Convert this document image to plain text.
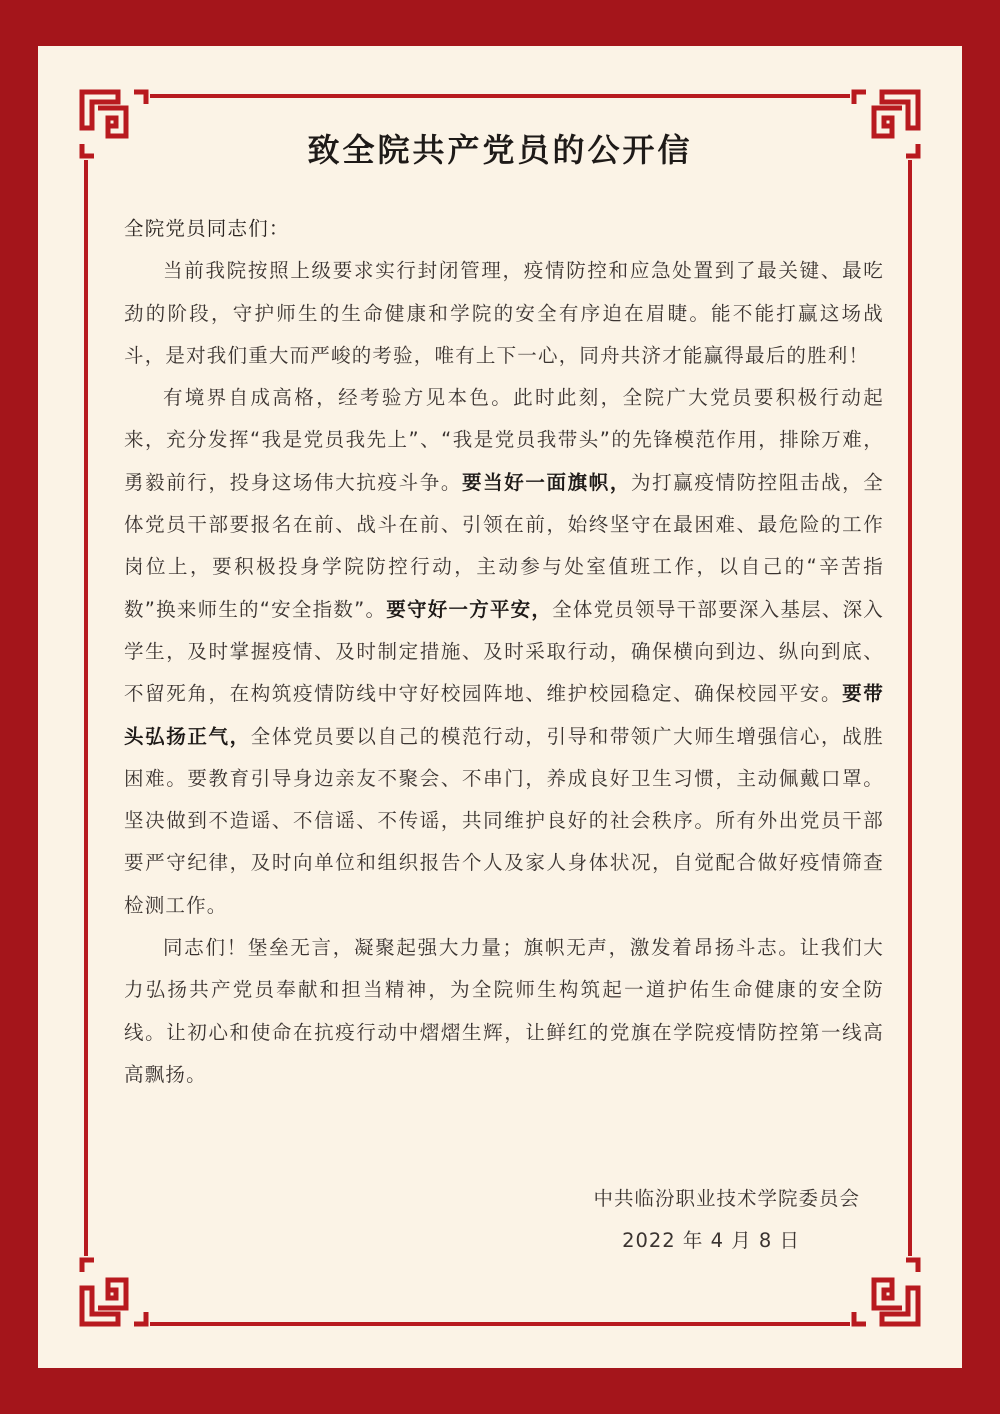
致全院共产党员的公开信

全院党员同志们：

当前我院按照上级要求实行封闭管理，疫情防控和应急处置到了最关键、最吃劲的阶段，守护师生的生命健康和学院的安全有序迫在眉睫。能不能打赢这场战斗，是对我们重大而严峻的考验，唯有上下一心，同舟共济才能赢得最后的胜利！

有境界自成高格，经考验方见本色。此时此刻，全院广大党员要积极行动起来，充分发挥“我是党员我先上”、“我是党员我带头”的先锋模范作用，排除万难，勇毅前行，投身这场伟大抗疫斗争。要当好一面旗帜，为打赢疫情防控阻击战，全体党员干部要报名在前、战斗在前、引领在前，始终坚守在最困难、最危险的工作岗位上，要积极投身学院防控行动，主动参与处室值班工作，以自己的“辛苦指数”换来师生的“安全指数”。要守好一方平安，全体党员领导干部要深入基层、深入学生，及时掌握疫情、及时制定措施、及时采取行动，确保横向到边、纵向到底、不留死角，在构筑疫情防线中守好校园阵地、维护校园稳定、确保校园平安。要带头弘扬正气，全体党员要以自己的模范行动，引导和带领广大师生增强信心，战胜困难。要教育引导身边亲友不聚会、不串门，养成良好卫生习惯，主动佩戴口罩。坚决做到不造谣、不信谣、不传谣，共同维护良好的社会秩序。所有外出党员干部要严守纪律，及时向单位和组织报告个人及家人身体状况，自觉配合做好疫情筛查检测工作。

同志们！堡垒无言，凝聚起强大力量；旗帜无声，激发着昂扬斗志。让我们大力弘扬共产党员奉献和担当精神，为全院师生构筑起一道护佑生命健康的安全防线。让初心和使命在抗疫行动中熠熠生辉，让鲜红的党旗在学院疫情防控第一线高高飘扬。

中共临汾职业技术学院委员会
2022 年 4 月 8 日
